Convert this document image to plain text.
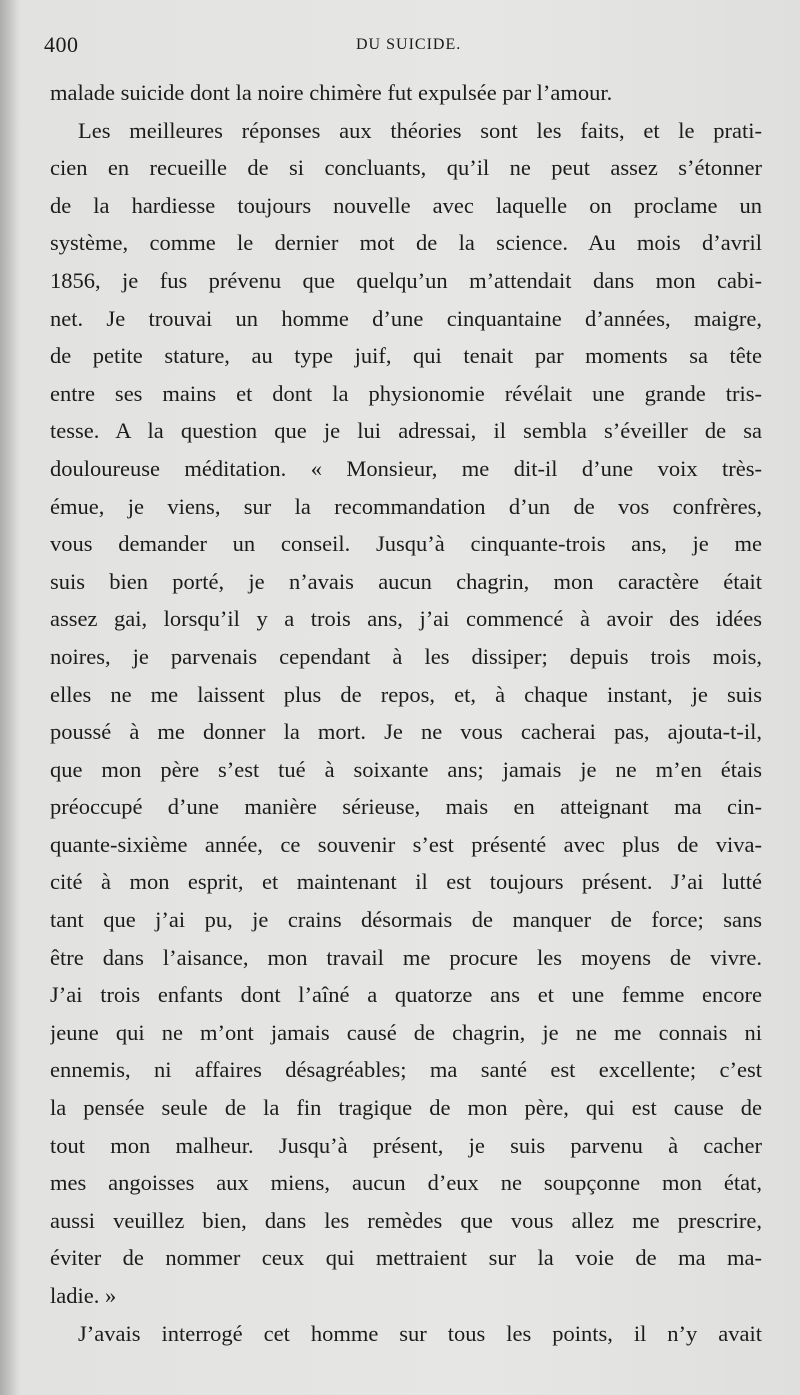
400	DU SUICIDE.
malade suicide dont la noire chimère fut expulsée par l’amour.
Les meilleures réponses aux théories sont les faits, et le prati-
cien en recueille de si concluants, qu’il ne peut assez s’étonner
de la hardiesse toujours nouvelle avec laquelle on proclame un
système, comme le dernier mot de la science. Au mois d’avril
1856, je fus prévenu que quelqu’un m’attendait dans mon cabi-
net. Je trouvai un homme d’une cinquantaine d’années, maigre,
de petite stature, au type juif, qui tenait par moments sa tête
entre ses mains et dont la physionomie révélait une grande tris-
tesse. A la question que je lui adressai, il sembla s’éveiller de sa
douloureuse méditation. « Monsieur, me dit-il d’une voix très-
émue, je viens, sur la recommandation d’un de vos confrères,
vous demander un conseil. Jusqu’à cinquante-trois ans, je me
suis bien porté, je n’avais aucun chagrin, mon caractère était
assez gai, lorsqu’il y a trois ans, j’ai commencé à avoir des idées
noires, je parvenais cependant à les dissiper; depuis trois mois,
elles ne me laissent plus de repos, et, à chaque instant, je suis
poussé à me donner la mort. Je ne vous cacherai pas, ajouta-t-il,
que mon père s’est tué à soixante ans; jamais je ne m’en étais
préoccupé d’une manière sérieuse, mais en atteignant ma cin-
quante-sixième année, ce souvenir s’est présenté avec plus de viva-
cité à mon esprit, et maintenant il est toujours présent. J’ai lutté
tant que j’ai pu, je crains désormais de manquer de force; sans
être dans l’aisance, mon travail me procure les moyens de vivre.
J’ai trois enfants dont l’aîné a quatorze ans et une femme encore
jeune qui ne m’ont jamais causé de chagrin, je ne me connais ni
ennemis, ni affaires désagréables; ma santé est excellente; c’est
la pensée seule de la fin tragique de mon père, qui est cause de
tout mon malheur. Jusqu’à présent, je suis parvenu à cacher
mes angoisses aux miens, aucun d’eux ne soupçonne mon état,
aussi veuillez bien, dans les remèdes que vous allez me prescrire,
éviter de nommer ceux qui mettraient sur la voie de ma ma-
ladie. »
J’avais interrogé cet homme sur tous les points, il n’y avait
